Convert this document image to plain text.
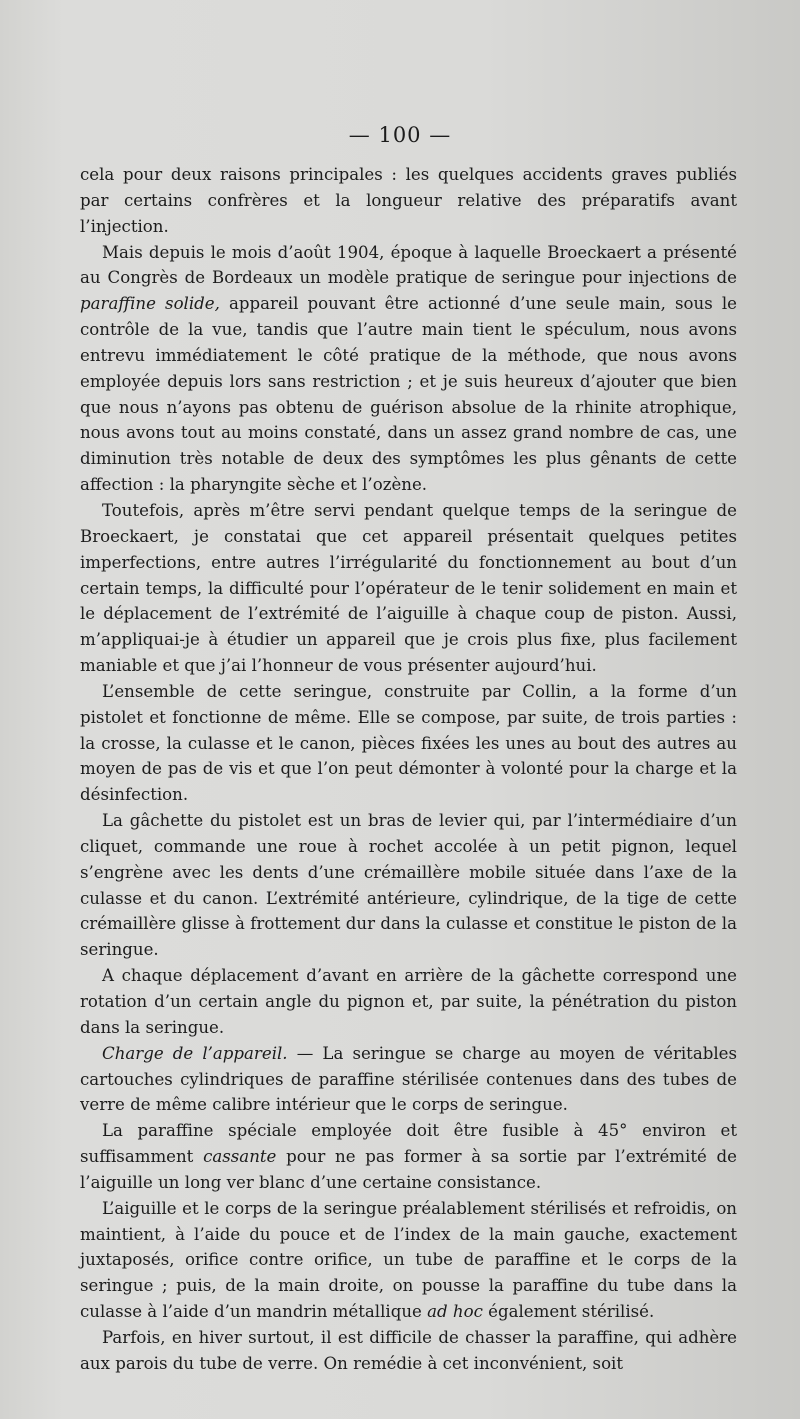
— 100 —

cela pour deux raisons principales : les quelques accidents graves publiés par certains confrères et la longueur relative des préparatifs avant l’injection.

Mais depuis le mois d’août 1904, époque à laquelle Broeckaert a présenté au Congrès de Bordeaux un modèle pratique de seringue pour injections de paraffine solide, appareil pouvant être actionné d’une seule main, sous le contrôle de la vue, tandis que l’autre main tient le spéculum, nous avons entrevu immédiatement le côté pratique de la méthode, que nous avons employée depuis lors sans restriction ; et je suis heureux d’ajouter que bien que nous n’ayons pas obtenu de guérison absolue de la rhinite atrophique, nous avons tout au moins constaté, dans un assez grand nombre de cas, une diminution très notable de deux des symptômes les plus gênants de cette affection : la pharyngite sèche et l’ozène.

Toutefois, après m’être servi pendant quelque temps de la seringue de Broeckaert, je constatai que cet appareil présentait quelques petites imperfections, entre autres l’irrégularité du fonctionnement au bout d’un certain temps, la difficulté pour l’opérateur de le tenir solidement en main et le déplacement de l’extrémité de l’aiguille à chaque coup de piston. Aussi, m’appliquai-je à étudier un appareil que je crois plus fixe, plus facilement maniable et que j’ai l’honneur de vous présenter aujourd’hui.

L’ensemble de cette seringue, construite par Collin, a la forme d’un pistolet et fonctionne de même. Elle se compose, par suite, de trois parties : la crosse, la culasse et le canon, pièces fixées les unes au bout des autres au moyen de pas de vis et que l’on peut démonter à volonté pour la charge et la désinfection.

La gâchette du pistolet est un bras de levier qui, par l’intermédiaire d’un cliquet, commande une roue à rochet accolée à un petit pignon, lequel s’engrène avec les dents d’une crémaillère mobile située dans l’axe de la culasse et du canon. L’extrémité antérieure, cylindrique, de la tige de cette crémaillère glisse à frottement dur dans la culasse et constitue le piston de la seringue.

A chaque déplacement d’avant en arrière de la gâchette correspond une rotation d’un certain angle du pignon et, par suite, la pénétration du piston dans la seringue.

Charge de l’appareil. — La seringue se charge au moyen de véritables cartouches cylindriques de paraffine stérilisée contenues dans des tubes de verre de même calibre intérieur que le corps de seringue.

La paraffine spéciale employée doit être fusible à 45° environ et suffisamment cassante pour ne pas former à sa sortie par l’extrémité de l’aiguille un long ver blanc d’une certaine consistance.

L’aiguille et le corps de la seringue préalablement stérilisés et refroidis, on maintient, à l’aide du pouce et de l’index de la main gauche, exactement juxtaposés, orifice contre orifice, un tube de paraffine et le corps de la seringue ; puis, de la main droite, on pousse la paraffine du tube dans la culasse à l’aide d’un mandrin métallique ad hoc également stérilisé.

Parfois, en hiver surtout, il est difficile de chasser la paraffine, qui adhère aux parois du tube de verre. On remédie à cet inconvénient, soit
